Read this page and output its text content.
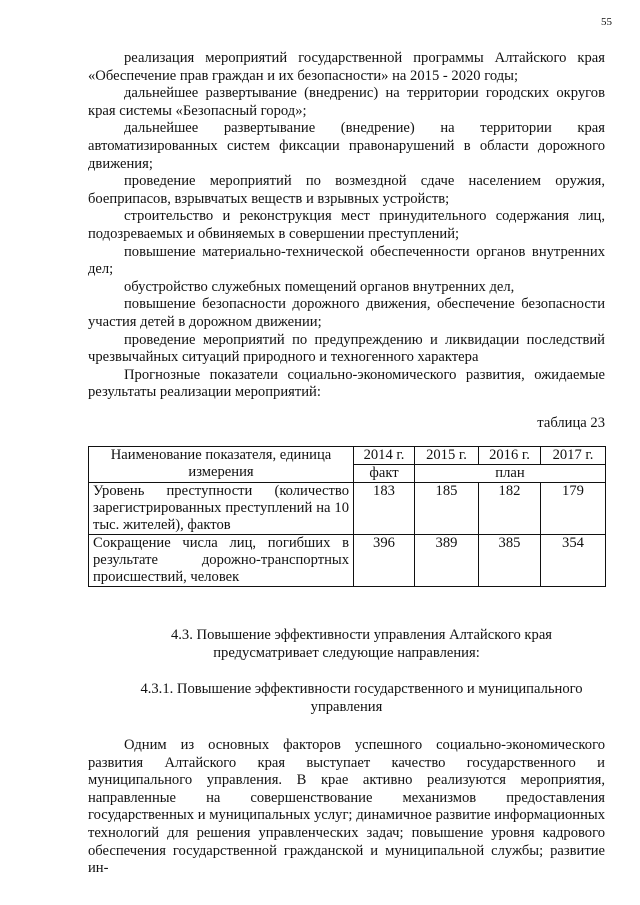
55

реализация мероприятий государственной программы Алтайского края «Обеспечение прав граждан и их безопасности» на 2015 - 2020 годы;

дальнейшее развертывание (внедренис) на территории городских округов края системы «Безопасный город»;

дальнейшее развертывание (внедрение) на территории края автоматизированных систем фиксации правонарушений в области дорожного движения;

проведение мероприятий по возмездной сдаче населением оружия, боеприпасов, взрывчатых веществ и взрывных устройств;

строительство и реконструкция мест принудительного содержания лиц, подозреваемых и обвиняемых в совершении преступлений;

повышение материально-технической обеспеченности органов внутренних дел;

обустройство служебных помещений органов внутренних дел,

повышение безопасности дорожного движения, обеспечение безопасности участия детей в дорожном движении;

проведение мероприятий по предупреждению и ликвидации последствий чрезвычайных ситуаций природного и техногенного характера

Прогнозные показатели социально-экономического развития, ожидаемые результаты реализации мероприятий:

таблица 23

Наименование показателя, единица измерения	2014 г.	2015 г.	2016 г.	2017 г.
	факт	план		
Уровень преступности (количество зарегистрированных преступлений на 10 тыс. жителей), фактов	183	185	182	179
Сокращение числа лиц, погибших в результате дорожно-транспортных происшествий, человек	396	389	385	354

4.3. Повышение эффективности управления Алтайского края предусматривает следующие направления:

4.3.1. Повышение эффективности государственного и муниципального управления

Одним из основных факторов успешного социально-экономического развития Алтайского края выступает качество государственного и муниципального управления. В крае активно реализуются мероприятия, направленные на совершенствование механизмов предоставления государственных и муниципальных услуг; динамичное развитие информационных технологий для решения управленческих задач; повышение уровня кадрового обеспечения государственной гражданской и муниципальной службы; развитие ин-
